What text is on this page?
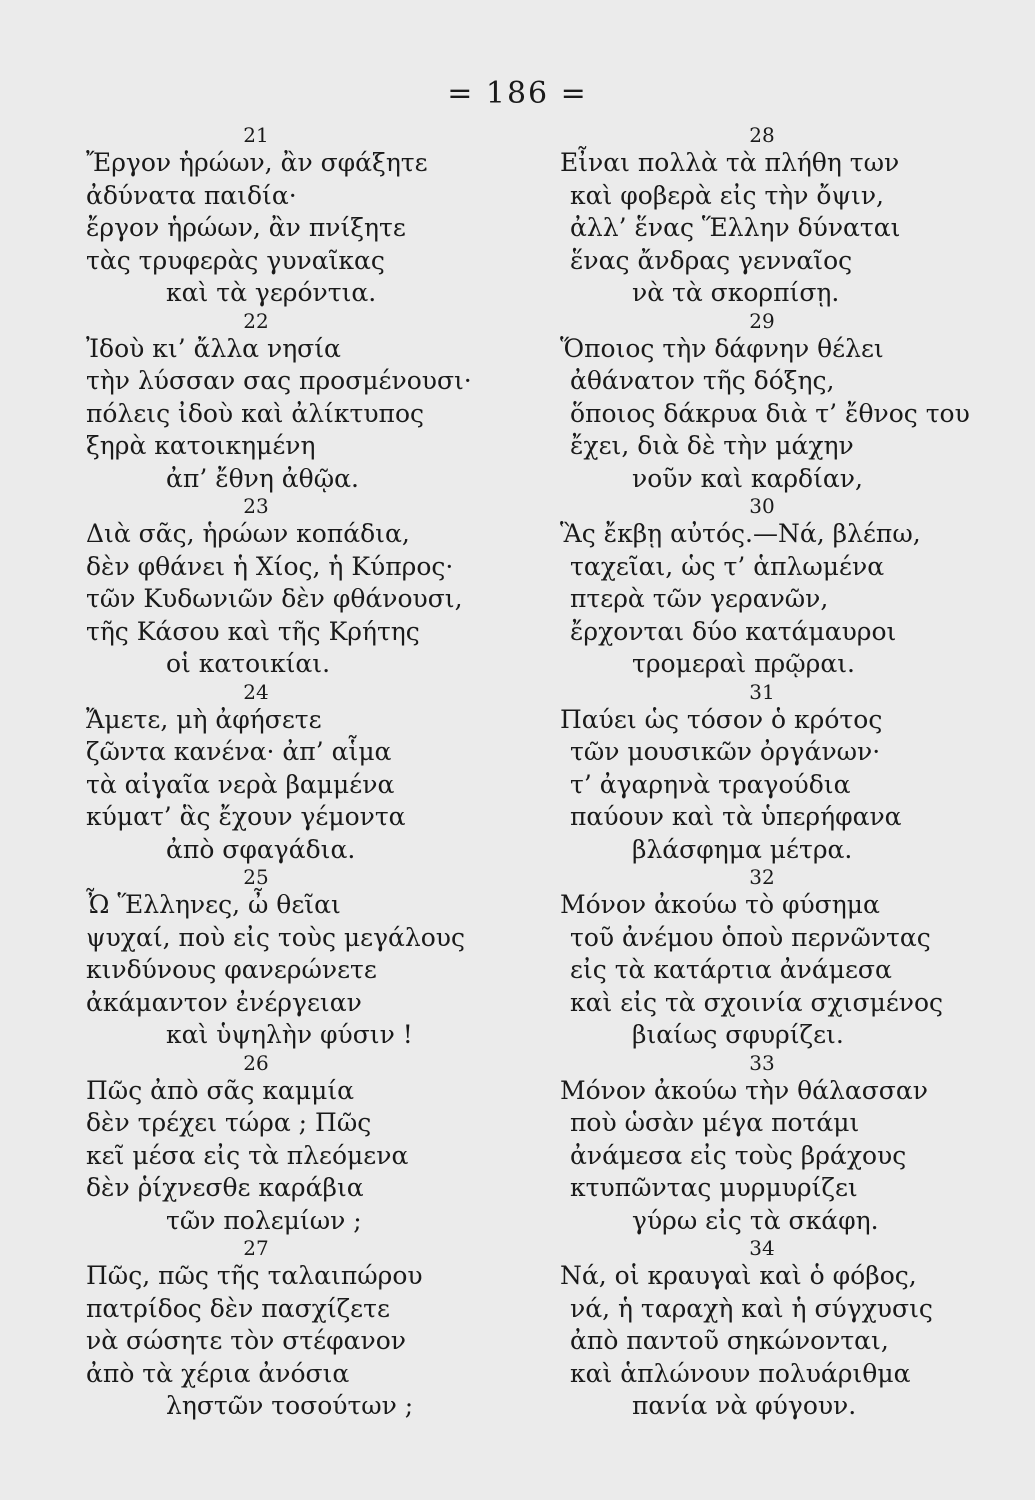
= 186 =
21
Ἔργον ἡρώων, ἂν σφάξητε
ἀδύνατα παιδία·
ἔργον ἡρώων, ἂν πνίξητε
τὰς τρυφερὰς γυναῖκας
καὶ τὰ γερόντια.
22
Ἰδοὺ κι’ ἄλλα νησία
τὴν λύσσαν σας προσμένουσι·
πόλεις ἰδοὺ καὶ ἀλίκτυπος
ξηρὰ κατοικημένη
ἀπ’ ἔθνη ἀθῷα.
23
Διὰ σᾶς, ἡρώων κοπάδια,
δὲν φθάνει ἡ Χίος, ἡ Κύπρος·
τῶν Κυδωνιῶν δὲν φθάνουσι,
τῆς Κάσου καὶ τῆς Κρήτης
οἱ κατοικίαι.
24
Ἄμετε, μὴ ἀφήσετε
ζῶντα κανένα· ἀπ’ αἷμα
τὰ αἰγαῖα νερὰ βαμμένα
κύματ’ ἃς ἔχουν γέμοντα
ἀπὸ σφαγάδια.
25
Ὦ Ἕλληνες, ὦ θεῖαι
ψυχαί, ποὺ εἰς τοὺς μεγάλους
κινδύνους φανερώνετε
ἀκάμαντον ἐνέργειαν
καὶ ὑψηλὴν φύσιν !
26
Πῶς ἀπὸ σᾶς καμμία
δὲν τρέχει τώρα ; Πῶς
κεῖ μέσα εἰς τὰ πλεόμενα
δὲν ῥίχνεσθε καράβια
τῶν πολεμίων ;
27
Πῶς, πῶς τῆς ταλαιπώρου
πατρίδος δὲν πασχίζετε
νὰ σώσητε τὸν στέφανον
ἀπὸ τὰ χέρια ἀνόσια
ληστῶν τοσούτων ;
28
Εἶναι πολλὰ τὰ πλήθη των
καὶ φοβερὰ εἰς τὴν ὄψιν,
ἀλλ’ ἕνας Ἕλλην δύναται
ἕνας ἄνδρας γενναῖος
νὰ τὰ σκορπίσῃ.
29
Ὅποιος τὴν δάφνην θέλει
ἀθάνατον τῆς δόξης,
ὅποιος δάκρυα διὰ τ’ ἔθνος του
ἔχει, διὰ δὲ τὴν μάχην
νοῦν καὶ καρδίαν,
30
Ἃς ἔκβῃ αὐτός.—Νά, βλέπω,
ταχεῖαι, ὡς τ’ ἁπλωμένα
πτερὰ τῶν γερανῶν,
ἔρχονται δύο κατάμαυροι
τρομεραὶ πρῷραι.
31
Παύει ὡς τόσον ὁ κρότος
τῶν μουσικῶν ὀργάνων·
τ’ ἀγαρηνὰ τραγούδια
παύουν καὶ τὰ ὑπερήφανα
βλάσφημα μέτρα.
32
Μόνον ἀκούω τὸ φύσημα
τοῦ ἀνέμου ὁποὺ περνῶντας
εἰς τὰ κατάρτια ἀνάμεσα
καὶ εἰς τὰ σχοινία σχισμένος
βιαίως σφυρίζει.
33
Μόνον ἀκούω τὴν θάλασσαν
ποὺ ὡσὰν μέγα ποτάμι
ἀνάμεσα εἰς τοὺς βράχους
κτυπῶντας μυρμυρίζει
γύρω εἰς τὰ σκάφη.
34
Νά, οἱ κραυγαὶ καὶ ὁ φόβος,
νά, ἡ ταραχὴ καὶ ἡ σύγχυσις
ἀπὸ παντοῦ σηκώνονται,
καὶ ἁπλώνουν πολυάριθμα
πανία νὰ φύγουν.
